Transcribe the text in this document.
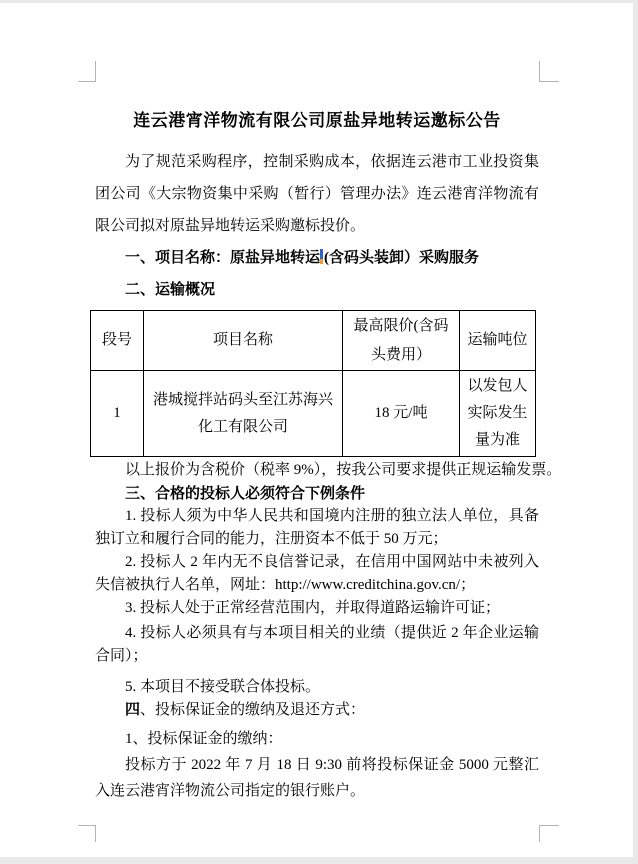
连云港宵洋物流有限公司原盐异地转运邀标公告

为了规范采购程序，控制采购成本，依据连云港市工业投资集团公司《大宗物资集中采购（暂行）管理办法》连云港宵洋物流有限公司拟对原盐异地转运采购邀标投价。

一、项目名称：原盐异地转运 (含码头装卸）采购服务
二、运输概况
段号	项目名称	最高限价(含码头费用）	运输吨位
1	港城搅拌站码头至江苏海兴化工有限公司	18 元/吨	以发包人实际发生量为准
以上报价为含税价（税率 9%），按我公司要求提供正规运输发票。
三、合格的投标人必须符合下例条件
1. 投标人须为中华人民共和国境内注册的独立法人单位，具备独订立和履行合同的能力，注册资本不低于 50 万元；
2. 投标人 2 年内无不良信誉记录，在信用中国网站中未被列入失信被执行人名单，网址：http://www.creditchina.gov.cn/；
3. 投标人处于正常经营范围内，并取得道路运输许可证；
4. 投标人必须具有与本项目相关的业绩（提供近 2 年企业运输合同）；
5. 本项目不接受联合体投标。
四、投标保证金的缴纳及退还方式：
1、投标保证金的缴纳：

投标方于 2022 年 7 月 18 日 9:30 前将投标保证金 5000 元整汇入连云港宵洋物流公司指定的银行账户。
